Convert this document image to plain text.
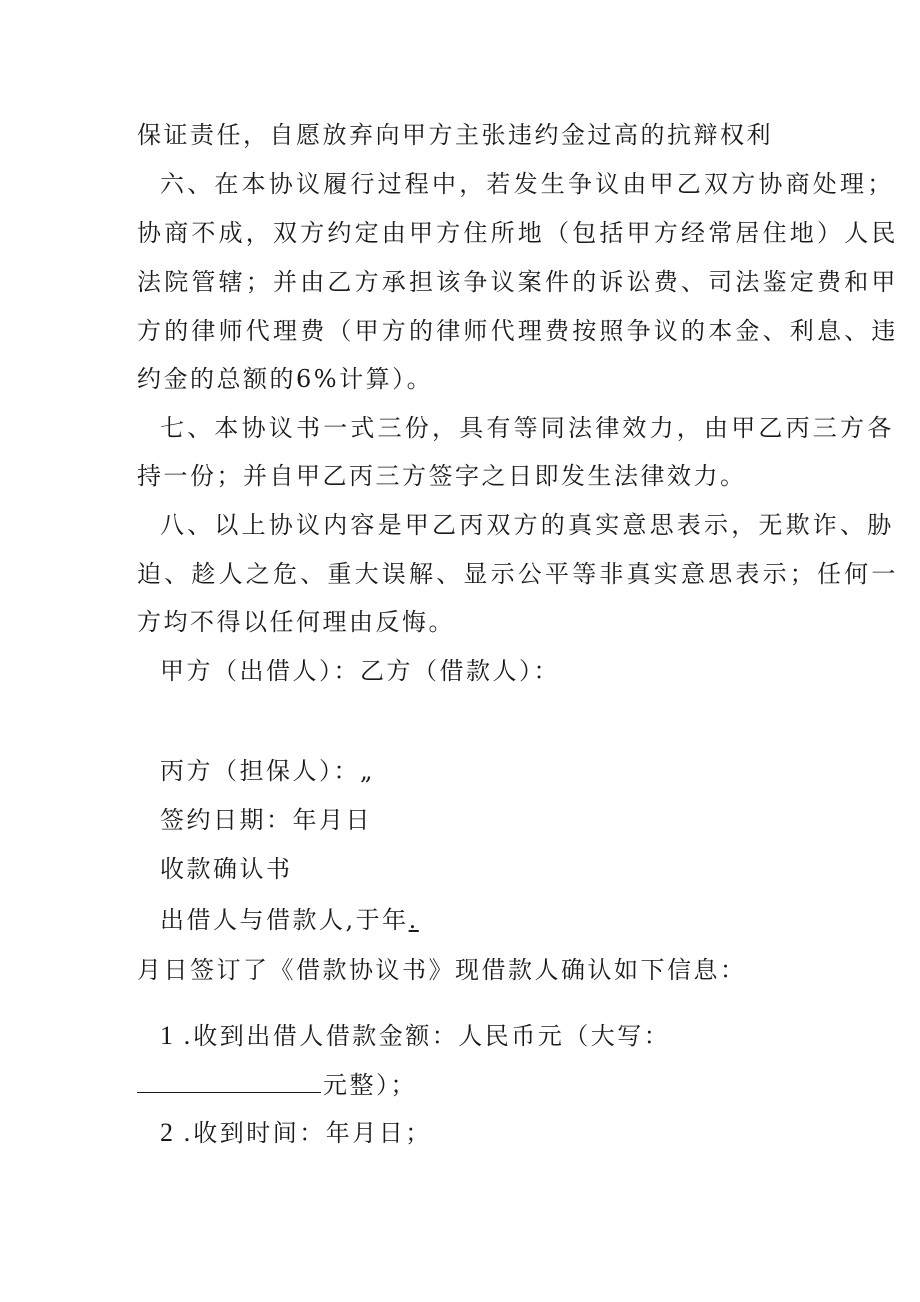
保证责任，自愿放弃向甲方主张违约金过高的抗辩权利
六、在本协议履行过程中，若发生争议由甲乙双方协商处理；
协商不成，双方约定由甲方住所地（包括甲方经常居住地）人民
法院管辖；并由乙方承担该争议案件的诉讼费、司法鉴定费和甲
方的律师代理费（甲方的律师代理费按照争议的本金、利息、违
约金的总额的6%计算）。
七、本协议书一式三份，具有等同法律效力，由甲乙丙三方各
持一份；并自甲乙丙三方签字之日即发生法律效力。
八、以上协议内容是甲乙丙双方的真实意思表示，无欺诈、胁
迫、趁人之危、重大误解、显示公平等非真实意思表示；任何一
方均不得以任何理由反悔。
甲方（出借人）：乙方（借款人）：
丙方（担保人）：„
签约日期：年月日
收款确认书
出借人与借款人,于年.
月日签订了《借款协议书》现借款人确认如下信息：
1 .收到出借人借款金额：人民币元（大写：
元整）；
2 .收到时间：年月日；
